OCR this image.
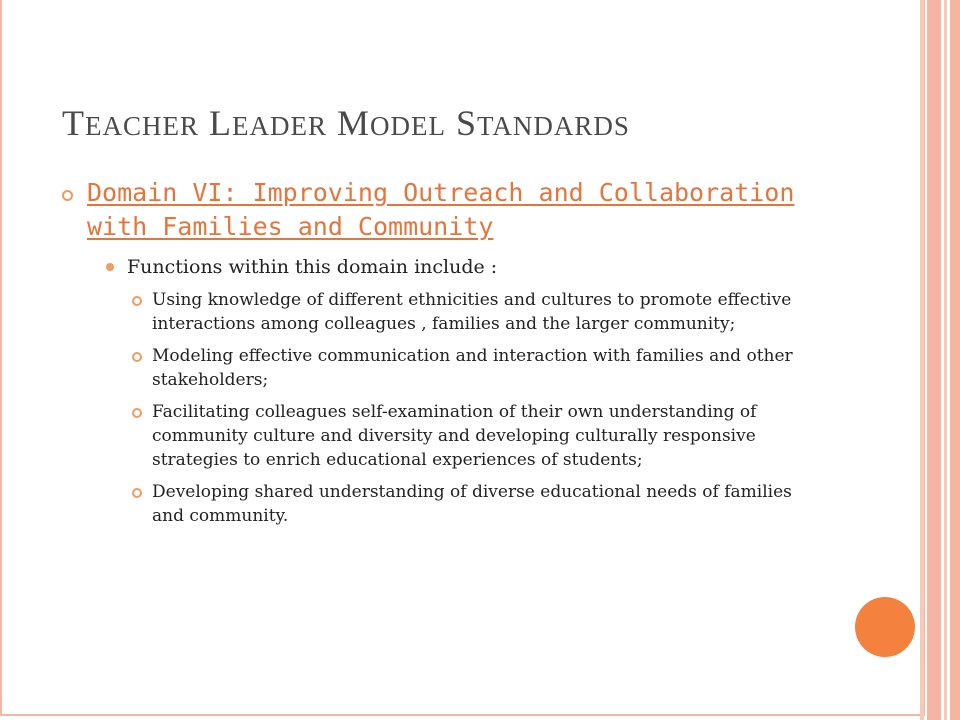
TEACHER LEADER MODEL STANDARDS
Domain VI: Improving Outreach and Collaboration with Families and Community
Functions within this domain include :
Using knowledge of different ethnicities and cultures to promote effective interactions among colleagues , families and the larger community;
Modeling effective communication and interaction with families and other stakeholders;
Facilitating colleagues self-examination of their own understanding of community culture and diversity and developing culturally responsive strategies to enrich educational experiences of students;
Developing shared understanding of diverse educational needs of families and community.
